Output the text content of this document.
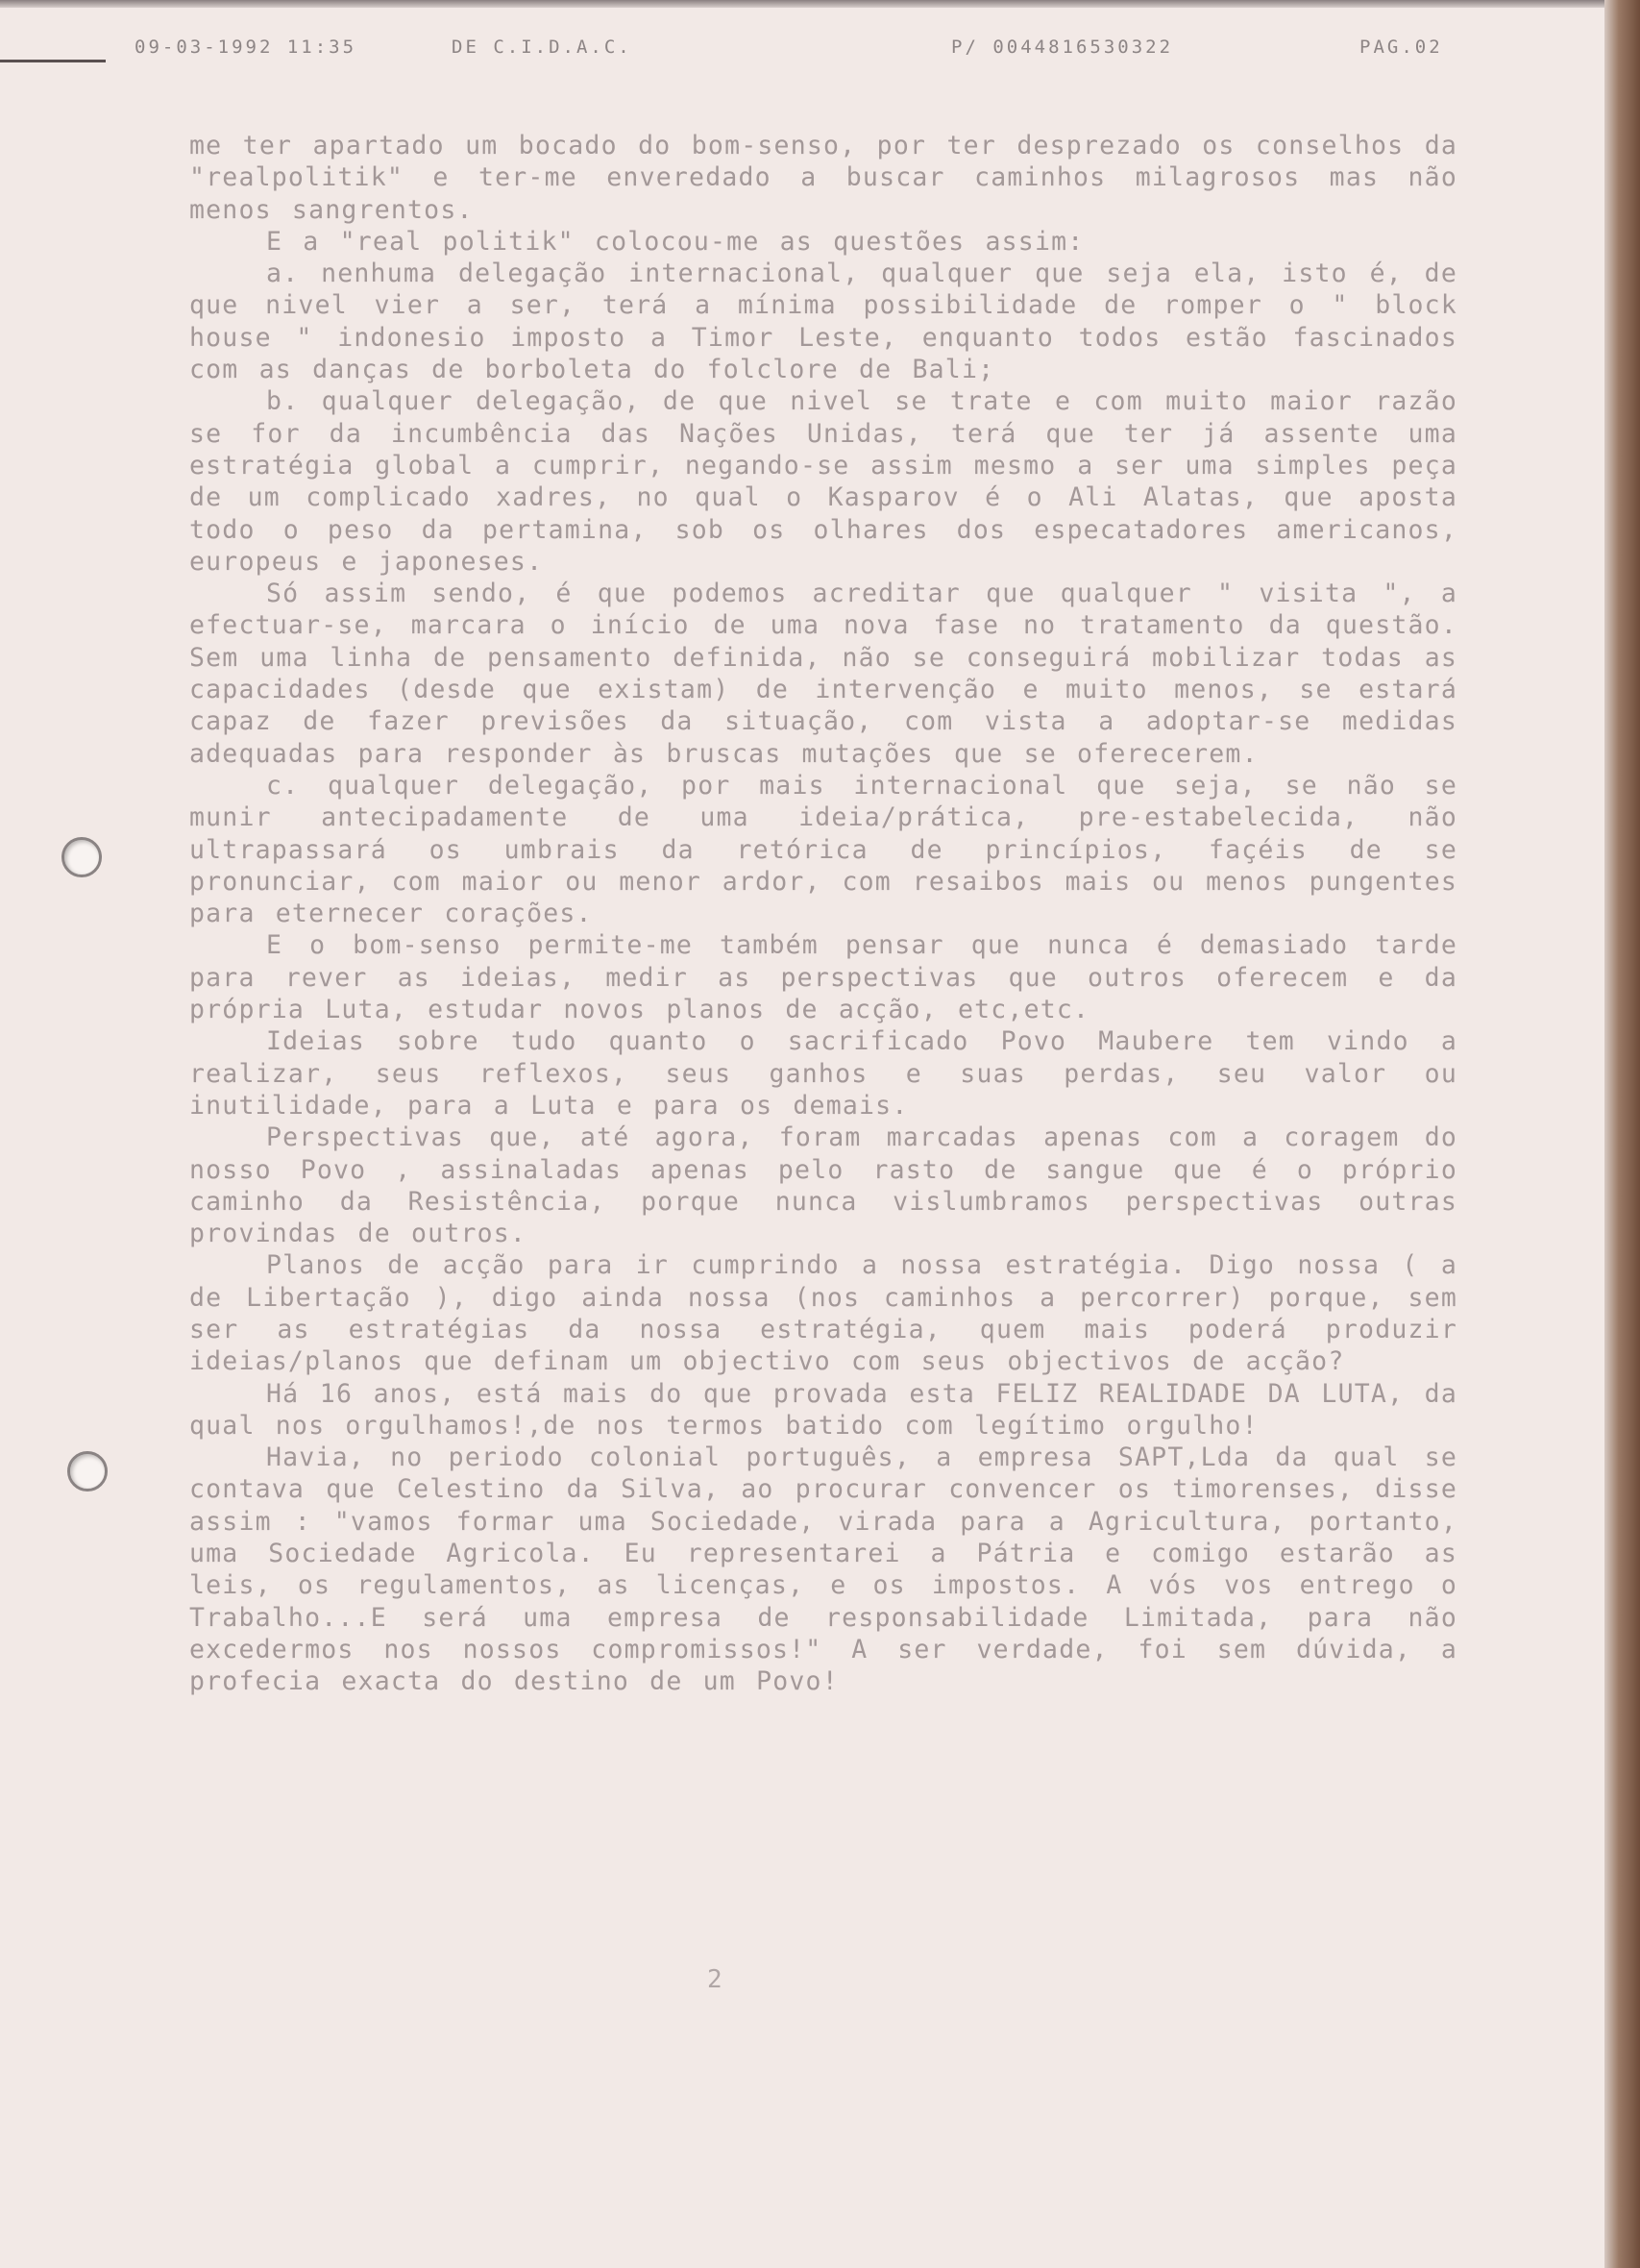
09-03-1992 11:35	DE C.I.D.A.C.	P/ 0044816530322	PAG.02

me ter apartado um bocado do bom-senso, por ter desprezado os conselhos da "realpolitik" e ter-me enveredado a buscar caminhos milagrosos mas não menos sangrentos.

E a "real politik" colocou-me as questões assim:

a. nenhuma delegação internacional, qualquer que seja ela, isto é, de que nivel vier a ser, terá a mínima possibilidade de romper o " block house " indonesio imposto a Timor Leste, enquanto todos estão fascinados com as danças de borboleta do folclore de Bali;

b. qualquer delegação, de que nivel se trate e com muito maior razão se for da incumbência das Nações Unidas, terá que ter já assente uma estratégia global a cumprir, negando-se assim mesmo a ser uma simples peça de um complicado xadres, no qual o Kasparov é o Ali Alatas, que aposta todo o peso da pertamina, sob os olhares dos especatadores americanos, europeus e japoneses.

Só assim sendo, é que podemos acreditar que qualquer " visita ", a efectuar-se, marcara o início de uma nova fase no tratamento da questão. Sem uma linha de pensamento definida, não se conseguirá mobilizar todas as capacidades (desde que existam) de intervenção e muito menos, se estará capaz de fazer previsões da situação, com vista a adoptar-se medidas adequadas para responder às bruscas mutações que se oferecerem.

c. qualquer delegação, por mais internacional que seja, se não se munir antecipadamente de uma ideia/prática, pre-estabelecida, não ultrapassará os umbrais da retórica de princípios, façéis de se pronunciar, com maior ou menor ardor, com resaibos mais ou menos pungentes para eternecer corações.

E o bom-senso permite-me também pensar que nunca é demasiado tarde para rever as ideias, medir as perspectivas que outros oferecem e da própria Luta, estudar novos planos de acção, etc,etc.

Ideias sobre tudo quanto o sacrificado Povo Maubere tem vindo a realizar, seus reflexos, seus ganhos e suas perdas, seu valor ou inutilidade, para a Luta e para os demais.

Perspectivas que, até agora, foram marcadas apenas com a coragem do nosso Povo , assinaladas apenas pelo rasto de sangue que é o próprio caminho da Resistência, porque nunca vislumbramos perspectivas outras provindas de outros.

Planos de acção para ir cumprindo a nossa estratégia. Digo nossa ( a de Libertação ), digo ainda nossa (nos caminhos a percorrer) porque, sem ser as estratégias da nossa estratégia, quem mais poderá produzir ideias/planos que definam um objectivo com seus objectivos de acção?

Há 16 anos, está mais do que provada esta FELIZ REALIDADE DA LUTA, da qual nos orgulhamos!,de nos termos batido com legítimo orgulho!

Havia, no periodo colonial português, a empresa SAPT,Lda da qual se contava que Celestino da Silva, ao procurar convencer os timorenses, disse assim : "vamos formar uma Sociedade, virada para a Agricultura, portanto, uma Sociedade Agricola. Eu representarei a Pátria e comigo estarão as leis, os regulamentos, as licenças, e os impostos. A vós vos entrego o Trabalho...E será uma empresa de responsabilidade Limitada, para não excedermos nos nossos compromissos!" A ser verdade, foi sem dúvida, a profecia exacta do destino de um Povo!

2
